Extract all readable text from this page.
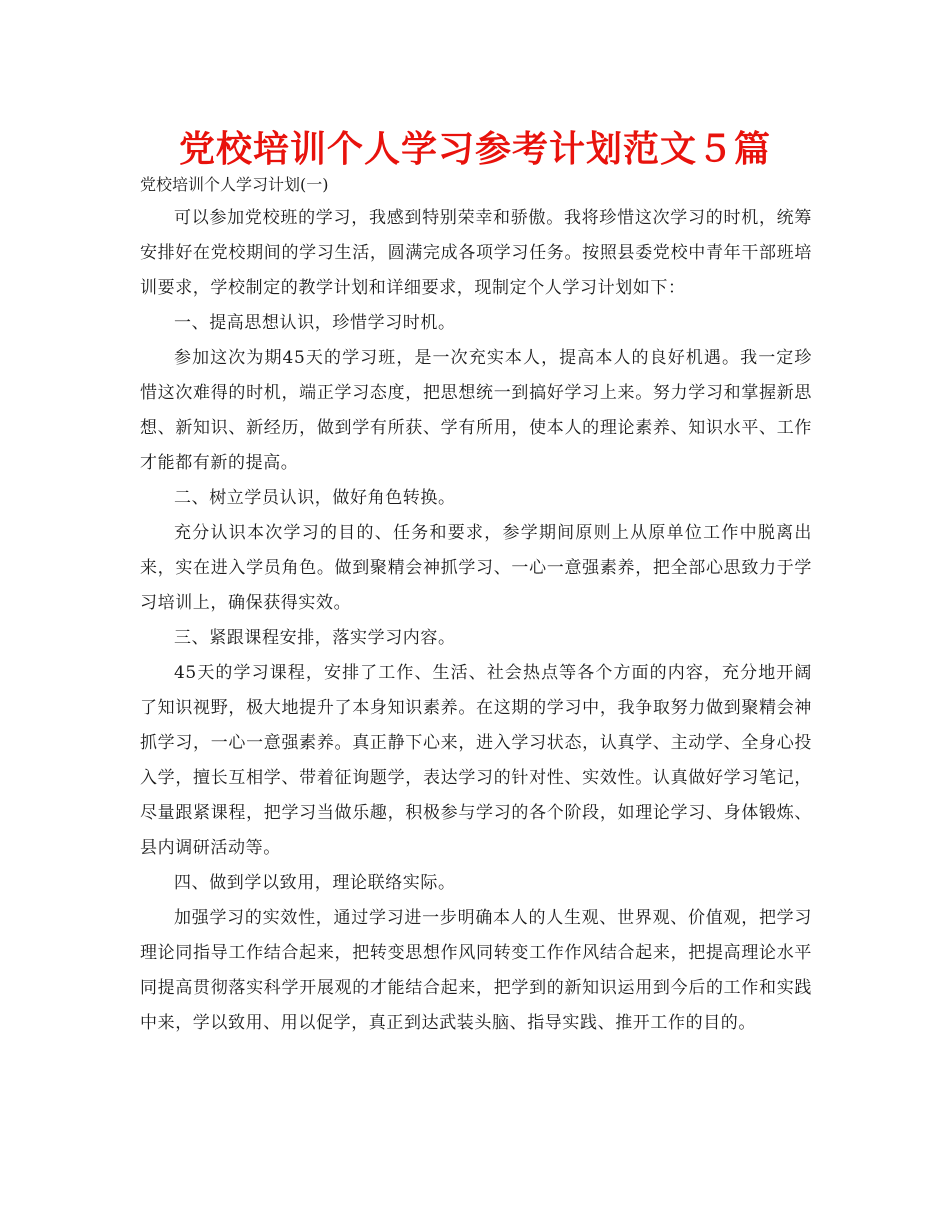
党校培训个人学习参考计划范文５篇

党校培训个人学习计划(一)

可以参加党校班的学习，我感到特别荣幸和骄傲。我将珍惜这次学习的时机，统筹安排好在党校期间的学习生活，圆满完成各项学习任务。按照县委党校中青年干部班培训要求，学校制定的教学计划和详细要求，现制定个人学习计划如下：

一、提高思想认识，珍惜学习时机。

参加这次为期45天的学习班，是一次充实本人，提高本人的良好机遇。我一定珍惜这次难得的时机，端正学习态度，把思想统一到搞好学习上来。努力学习和掌握新思想、新知识、新经历，做到学有所获、学有所用，使本人的理论素养、知识水平、工作才能都有新的提高。

二、树立学员认识，做好角色转换。

充分认识本次学习的目的、任务和要求，参学期间原则上从原单位工作中脱离出来，实在进入学员角色。做到聚精会神抓学习、一心一意强素养，把全部心思致力于学习培训上，确保获得实效。

三、紧跟课程安排，落实学习内容。

45天的学习课程，安排了工作、生活、社会热点等各个方面的内容，充分地开阔了知识视野，极大地提升了本身知识素养。在这期的学习中，我争取努力做到聚精会神抓学习，一心一意强素养。真正静下心来，进入学习状态，认真学、主动学、全身心投入学，擅长互相学、带着征询题学，表达学习的针对性、实效性。认真做好学习笔记，尽量跟紧课程，把学习当做乐趣，积极参与学习的各个阶段，如理论学习、身体锻炼、县内调研活动等。

四、做到学以致用，理论联络实际。

加强学习的实效性，通过学习进一步明确本人的人生观、世界观、价值观，把学习理论同指导工作结合起来，把转变思想作风同转变工作作风结合起来，把提高理论水平同提高贯彻落实科学开展观的才能结合起来，把学到的新知识运用到今后的工作和实践中来，学以致用、用以促学，真正到达武装头脑、指导实践、推开工作的目的。
